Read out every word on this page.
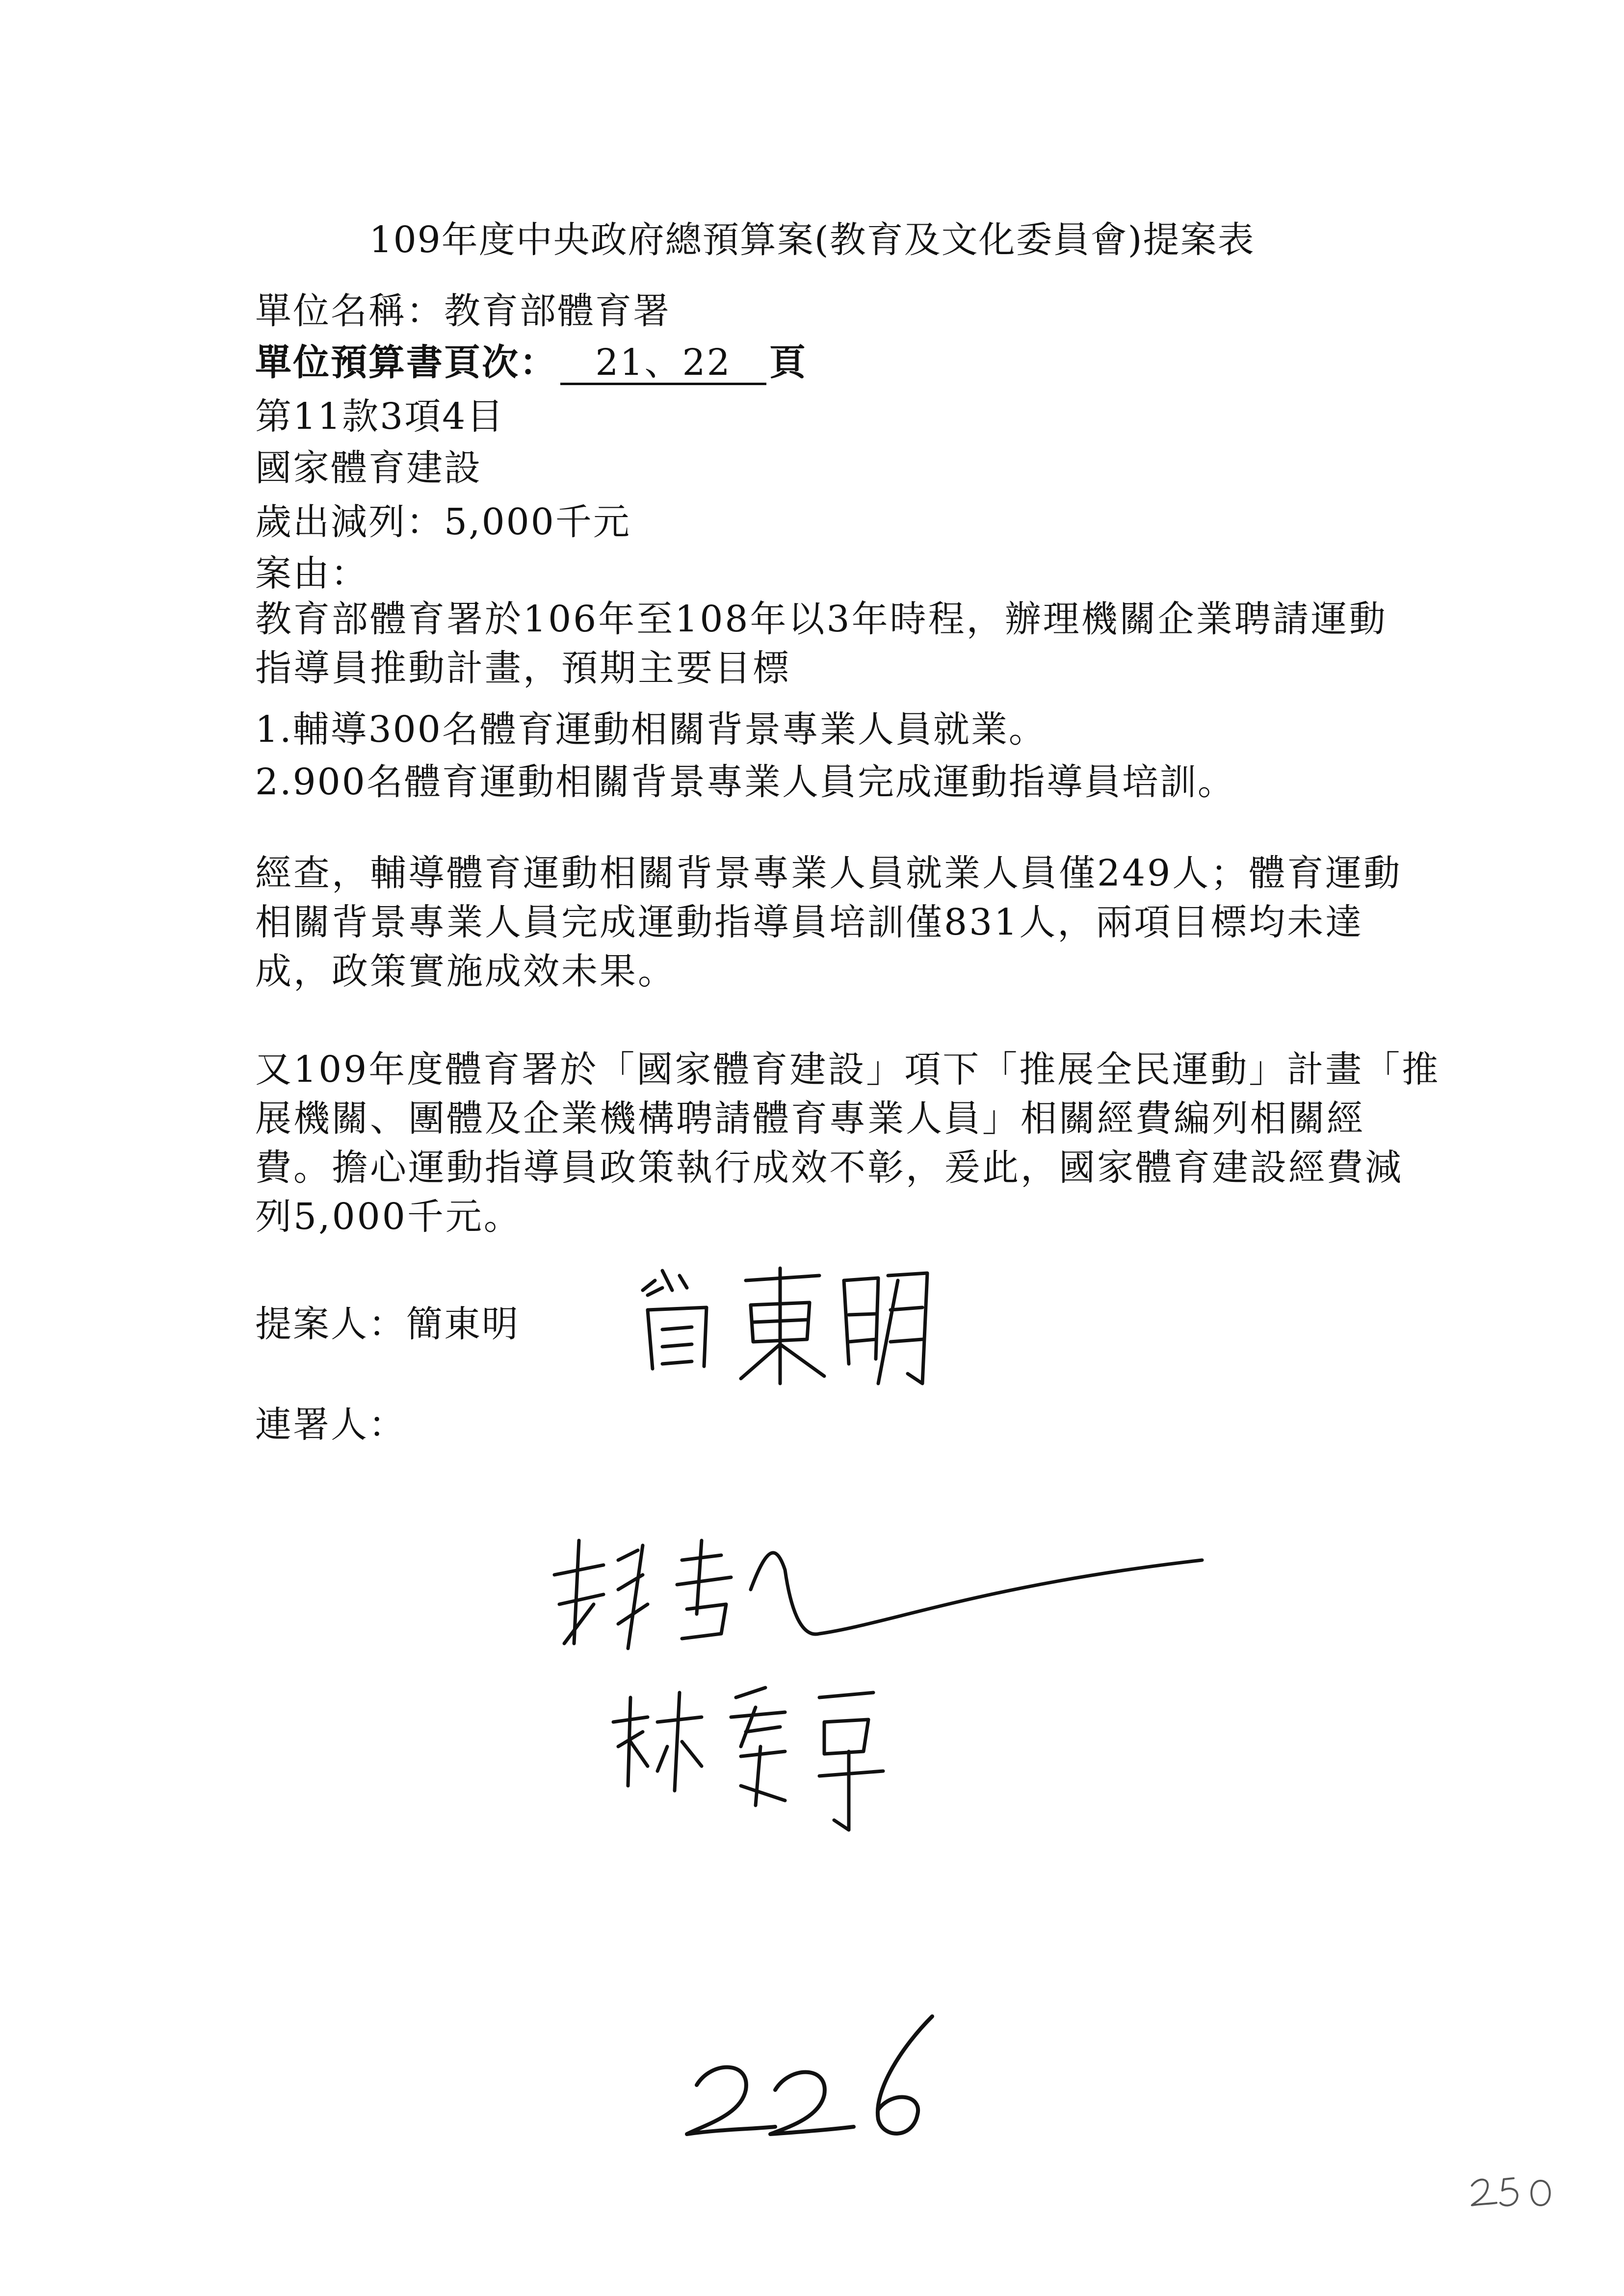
109年度中央政府總預算案(教育及文化委員會)提案表
單位名稱：教育部體育署
單位預算書頁次： 21、22 頁
第11款3項4目
國家體育建設
歲出減列：5,000千元
案由：
教育部體育署於106年至108年以3年時程，辦理機關企業聘請運動
指導員推動計畫，預期主要目標
1.輔導300名體育運動相關背景專業人員就業。
2.900名體育運動相關背景專業人員完成運動指導員培訓。
經查，輔導體育運動相關背景專業人員就業人員僅249人；體育運動
相關背景專業人員完成運動指導員培訓僅831人，兩項目標均未達
成，政策實施成效未果。
又109年度體育署於「國家體育建設」項下「推展全民運動」計畫「推
展機關、團體及企業機構聘請體育專業人員」相關經費編列相關經
費。擔心運動指導員政策執行成效不彰，爰此，國家體育建設經費減
列5,000千元。
提案人：簡東明
連署人：
